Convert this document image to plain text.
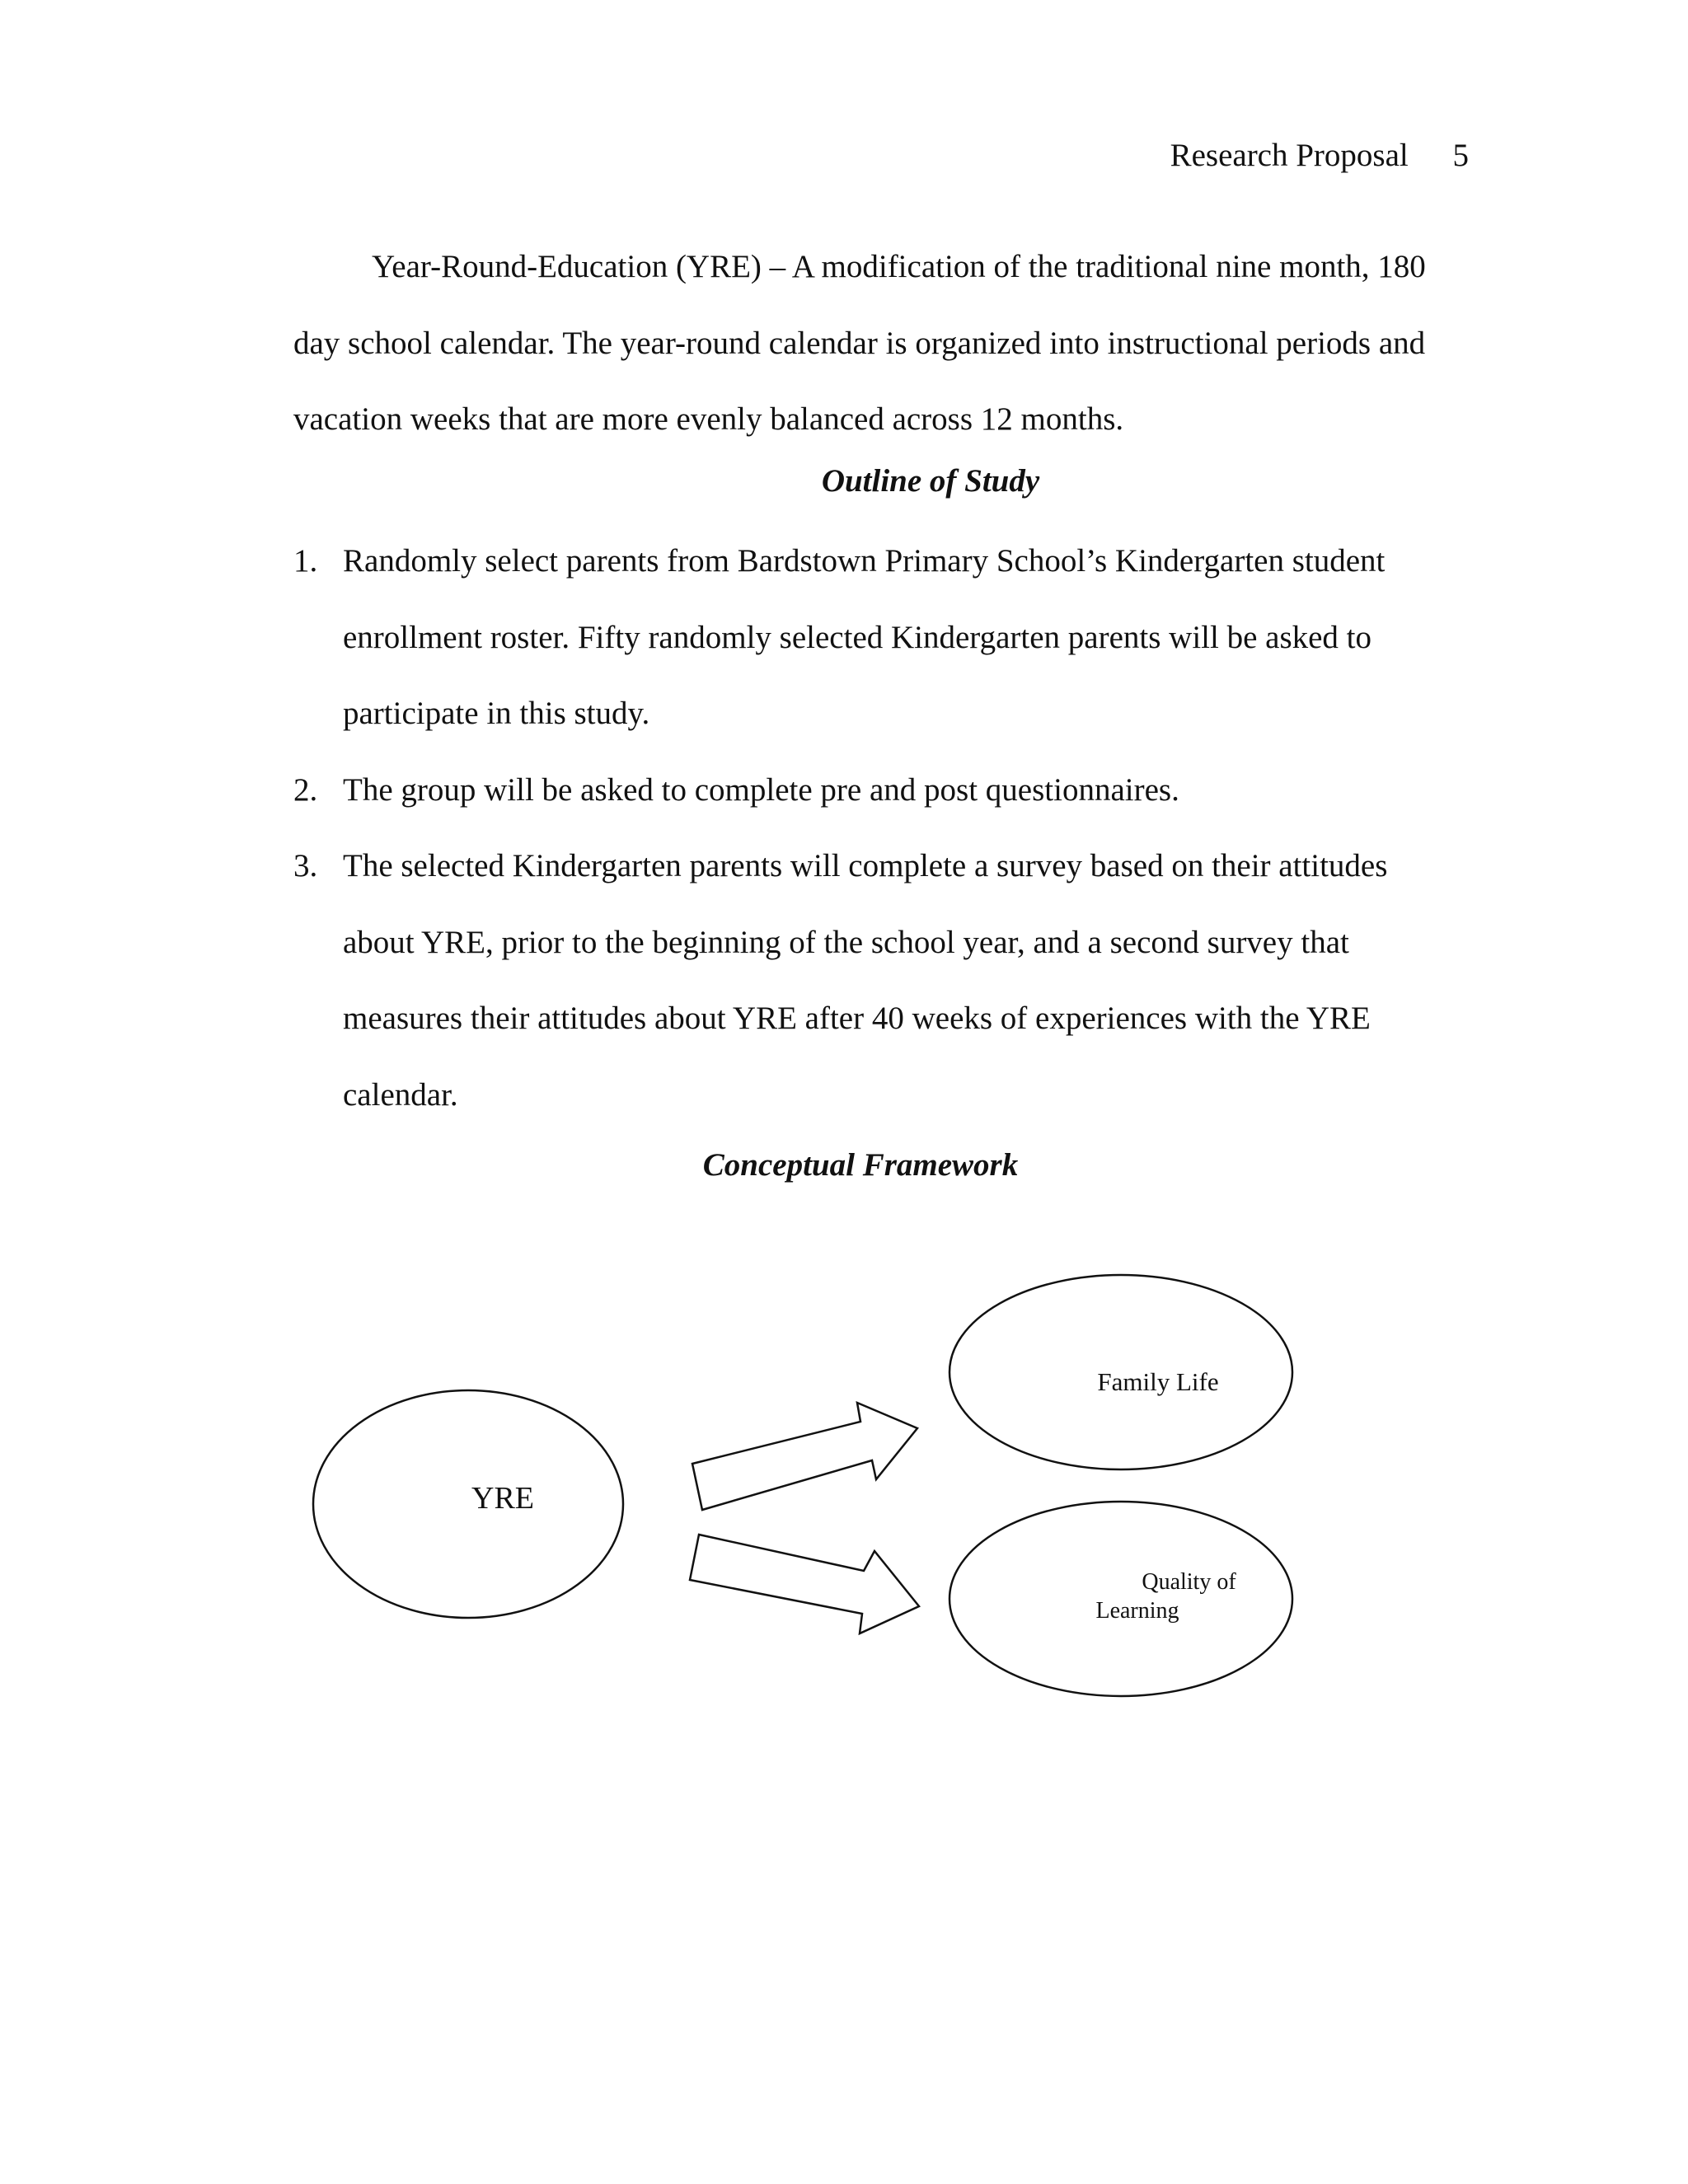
Research Proposal 5

Year-Round-Education (YRE) – A modification of the traditional nine month, 180 day school calendar. The year-round calendar is organized into instructional periods and vacation weeks that are more evenly balanced across 12 months.

Outline of Study
1. Randomly select parents from Bardstown Primary School’s Kindergarten student enrollment roster. Fifty randomly selected Kindergarten parents will be asked to participate in this study.
2. The group will be asked to complete pre and post questionnaires.
3. The selected Kindergarten parents will complete a survey based on their attitudes about YRE, prior to the beginning of the school year, and a second survey that measures their attitudes about YRE after 40 weeks of experiences with the YRE calendar.
Conceptual Framework
YRE
Family Life
Quality of
Learning
